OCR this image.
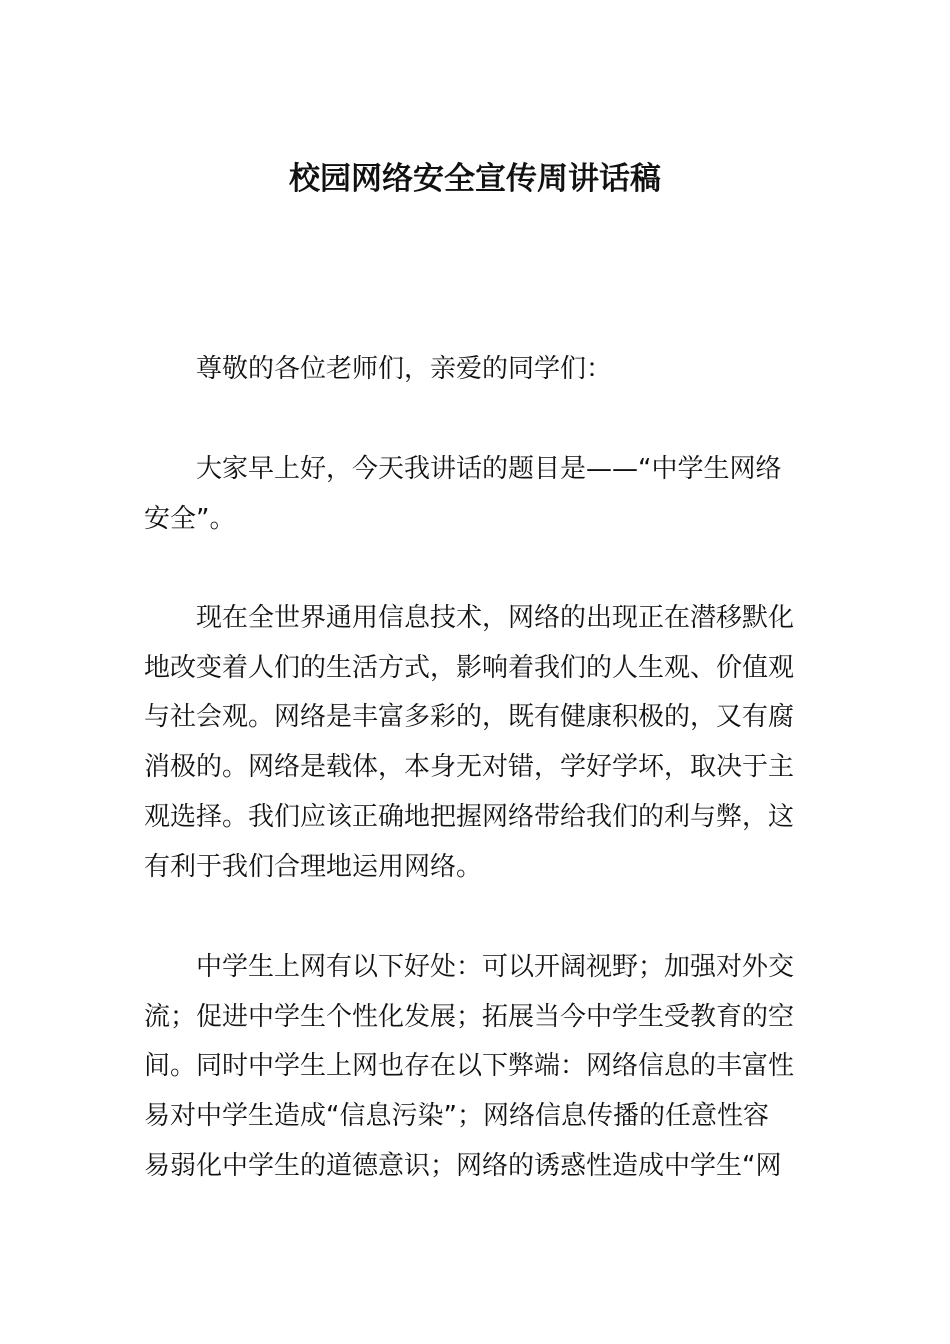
校园网络安全宣传周讲话稿

尊敬的各位老师们，亲爱的同学们：

大家早上好，今天我讲话的题目是——“中学生网络
安全”。

现在全世界通用信息技术，网络的出现正在潜移默化
地改变着人们的生活方式，影响着我们的人生观、价值观
与社会观。网络是丰富多彩的，既有健康积极的，又有腐
消极的。网络是载体，本身无对错，学好学坏，取决于主
观选择。我们应该正确地把握网络带给我们的利与弊，这
有利于我们合理地运用网络。

中学生上网有以下好处：可以开阔视野；加强对外交
流；促进中学生个性化发展；拓展当今中学生受教育的空
间。同时中学生上网也存在以下弊端：网络信息的丰富性
易对中学生造成“信息污染”；网络信息传播的任意性容
易弱化中学生的道德意识；网络的诱惑性造成中学生“网
